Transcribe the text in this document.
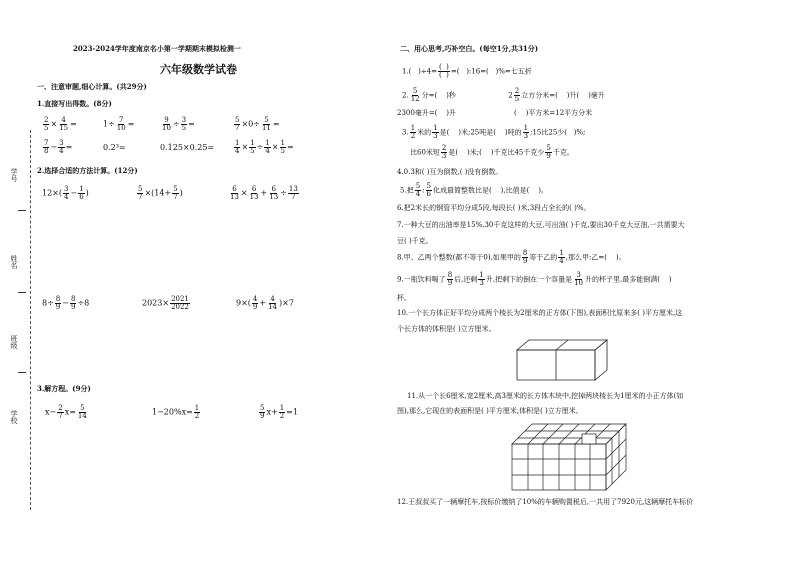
学号
姓名
班级
学校
2023-2024学年度南京名小第一学期期末模拟检测一
六年级数学试卷
一、注意审题,细心计算。(共29分)
1.直接写出得数。(8分)
$\frac{2}{5} \times \frac{4}{15}$ =	$1\div \frac{7}{10}$ =	$\frac{9}{10} \div \frac{3}{5}$ =	$\frac{5}{7} \times 0\div \frac{5}{11}$ =
$\frac{7}{8} - \frac{3}{4}$ =	0.2³=	0.125×0.25=	$\frac{1}{4} \times \frac{1}{5} \div \frac{1}{4} \times \frac{1}{5}$ =
2.选择合适的方法计算。(12分)
$12\times( \frac{3}{4} - \frac{1}{6}$ )	$\frac{5}{7} \times(14+ \frac{5}{7}$ )	$\frac{6}{13} \times \frac{6}{13} + \frac{6}{13} \div \frac{13}{7}$
$8\div \frac{8}{9} - \frac{8}{9} \div 8$	$2023\times \frac{2021}{2022}$	$9\times( \frac{4}{9} + \frac{4}{14} )\times 7$
3.解方程。(9分)
$x- \frac{2}{7} x= \frac{5}{14}$	$1-20\%x= \frac{1}{2}$	$\frac{5}{9} x+ \frac{1}{2} =1$
二、用心思考,巧补空白。(每空1分,共31分)
1.(   )$\div 4= \frac{( )}{( )}$ =(   ):16=(   )%=七五折
2. $\frac{5}{12}$ 分=(    )秒	$2 \frac{2}{5}$ 立方分米=(    )升(    )毫升
2300毫升=(    )升	(    )平方米=12平方分米
3. $\frac{1}{2}$ 米的 $\frac{1}{3}$ 是(    )米;25吨是(    )吨的 $\frac{1}{3}$ ;15比25少(   )%;
比60米短 $\frac{2}{3}$ 是(    )米;(    )千克比45千克少 $\frac{5}{9}$ 千克。
4.0.3和( )互为倒数,( )没有倒数。
5.把 $\frac{5}{4}$ : $\frac{5}{6}$ 化成最简整数比是(    ),比值是(    )。
6.把2米长的钢管平均分成5段,每段长( )米,3段占全长的( )%。
7.一种大豆的出油率是15%,30千克这样的大豆,可出油( )千克,要出30千克大豆油,一共需要大
豆( )千克。
8.甲、乙两个整数(都不等于0),如果甲的 $\frac{8}{9}$ 等于乙的 $\frac{1}{4}$ ,那么甲:乙=(    )。
9.一瓶饮料喝了 $\frac{8}{9}$ 后,还剩 $\frac{1}{3}$ 升,把剩下的倒在一个容量是 $\frac{3}{10}$ 升的杯子里,最多能倒满(    )
杯。
10.一个长方体正好平均分成两个棱长为2厘米的正方体(下图),表面积比原来多( )平方厘米,这
个长方体的体积是( )立方厘米。
11.从一个长6厘米,宽2厘米,高3厘米的长方体木块中,挖掉两块棱长为1厘米的小正方体(如
图),那么,它现在的表面积是( )平方厘米,体积是( )立方厘米。
12.王叔叔买了一辆摩托车,按标价缴纳了10%的车辆购置税后,一共用了7920元,这辆摩托车标价
